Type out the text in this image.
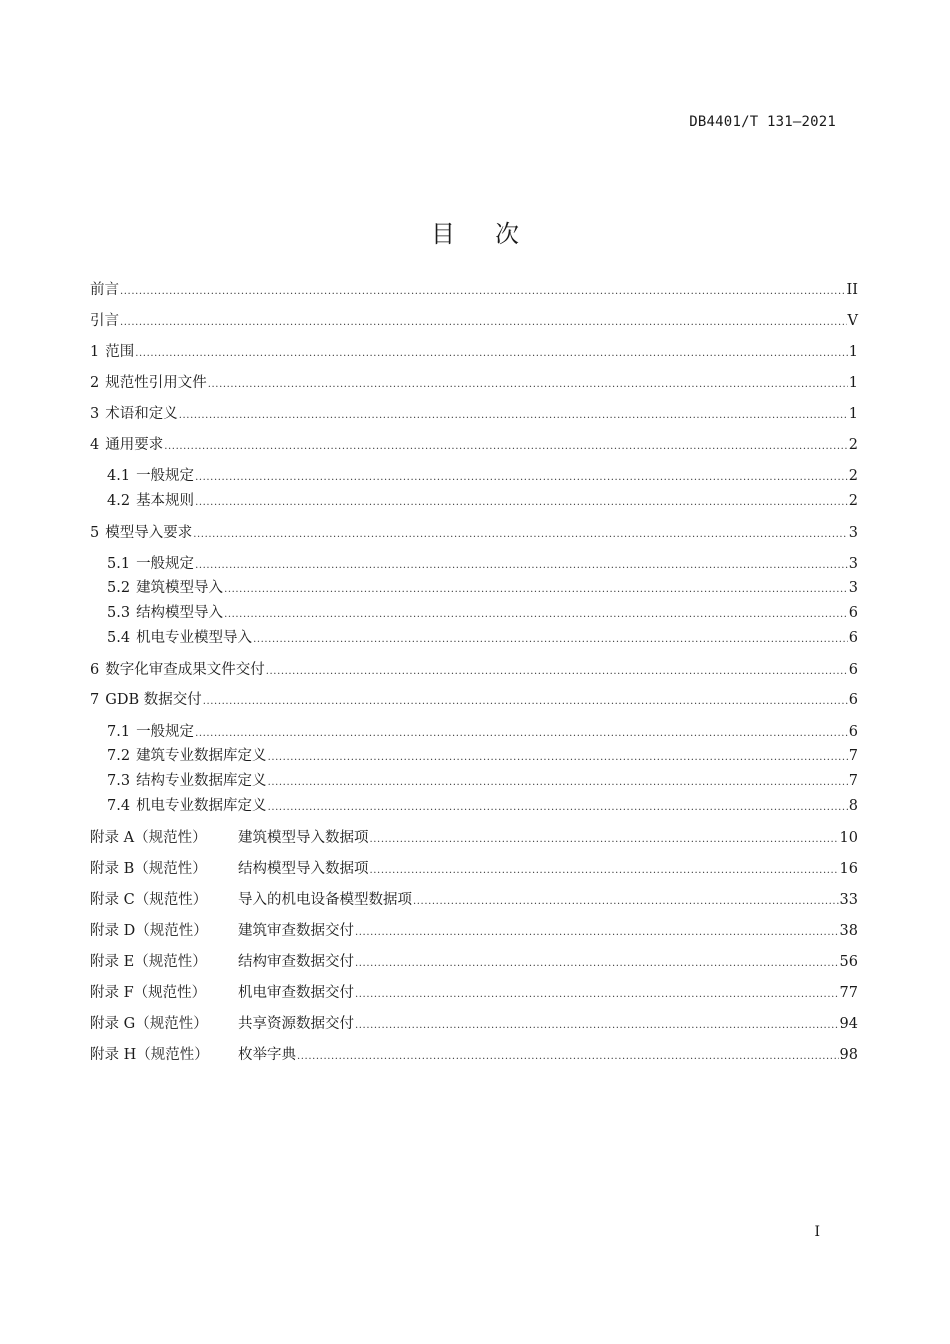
DB4401/T 131—2021
目次
前言 .....	II
引言 .....	V
1 范围 .....	1
2 规范性引用文件 .....	1
3 术语和定义 .....	1
4 通用要求 .....	2
4.1 一般规定 .....	2
4.2 基本规则 .....	2
5 模型导入要求 .....	3
5.1 一般规定 .....	3
5.2 建筑模型导入 .....	3
5.3 结构模型导入 .....	6
5.4 机电专业模型导入 .....	6
6 数字化审查成果文件交付 .....	6
7 GDB 数据交付 .....	6
7.1 一般规定 .....	6
7.2 建筑专业数据库定义 .....	7
7.3 结构专业数据库定义 .....	7
7.4 机电专业数据库定义 .....	8
附录 A（规范性） 建筑模型导入数据项 .....	10
附录 B（规范性） 结构模型导入数据项 .....	16
附录 C（规范性） 导入的机电设备模型数据项 .....	33
附录 D（规范性） 建筑审查数据交付 .....	38
附录 E（规范性） 结构审查数据交付 .....	56
附录 F（规范性） 机电审查数据交付 .....	77
附录 G（规范性） 共享资源数据交付 .....	94
附录 H（规范性） 枚举字典 .....	98
I
